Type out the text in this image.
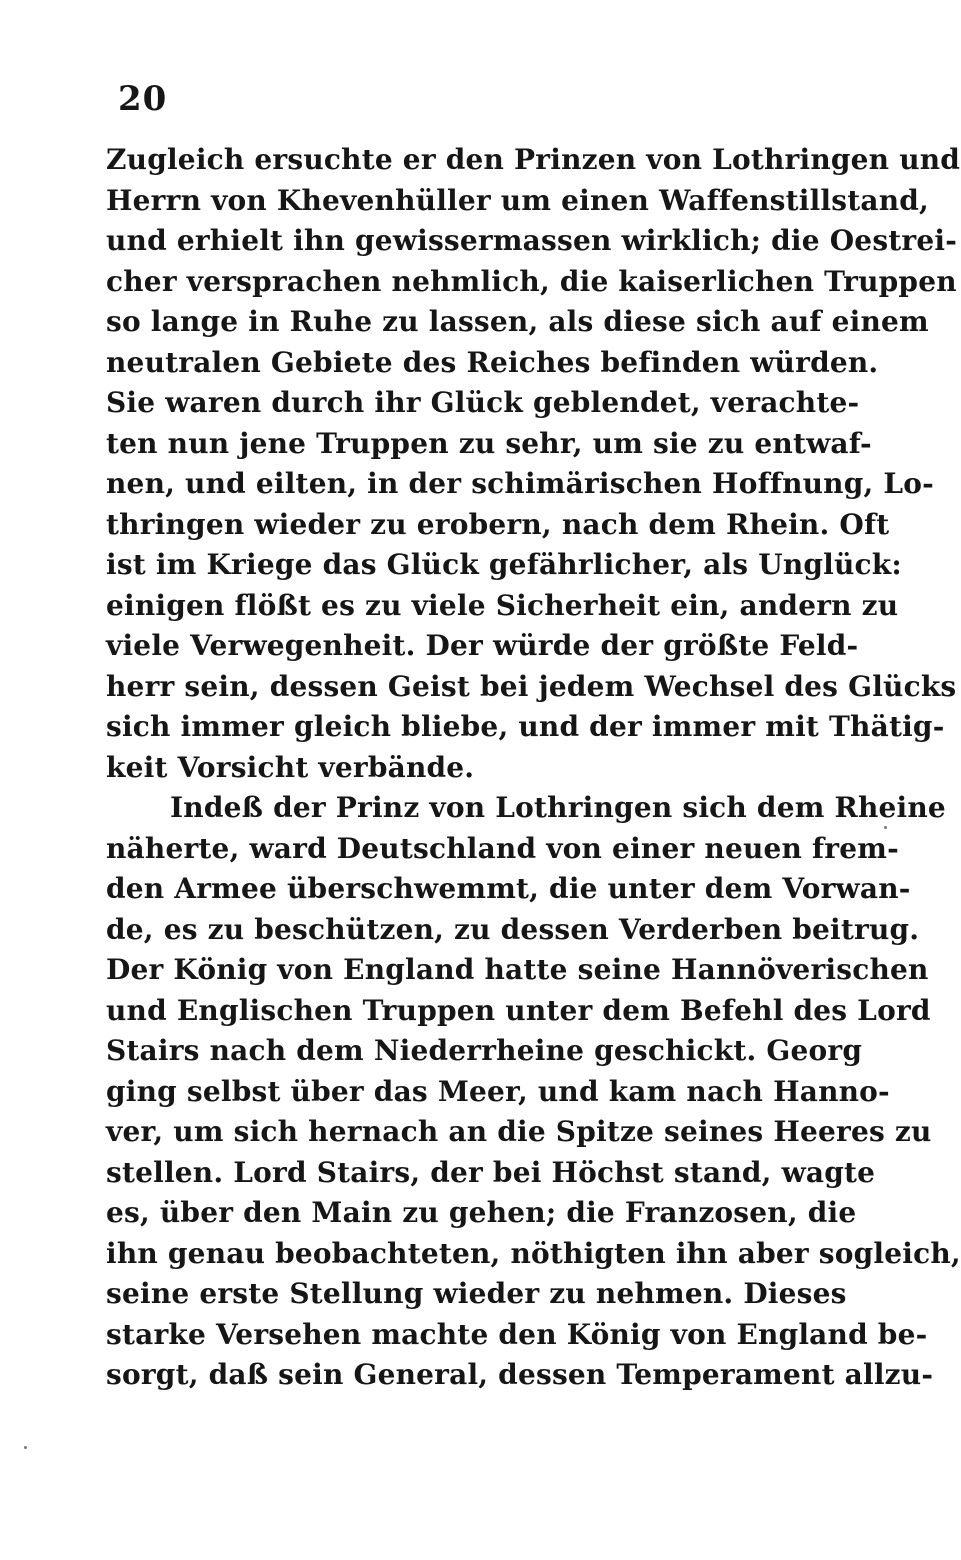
20
Zugleich ersuchte er den Prinzen von Lothringen und
Herrn von Khevenhüller um einen Waffenstillstand,
und erhielt ihn gewissermassen wirklich; die Oestrei-
cher versprachen nehmlich, die kaiserlichen Truppen
so lange in Ruhe zu lassen, als diese sich auf einem
neutralen Gebiete des Reiches befinden würden.
Sie waren durch ihr Glück geblendet, verachte-
ten nun jene Truppen zu sehr, um sie zu entwaf-
nen, und eilten, in der schimärischen Hoffnung, Lo-
thringen wieder zu erobern, nach dem Rhein. Oft
ist im Kriege das Glück gefährlicher, als Unglück:
einigen flößt es zu viele Sicherheit ein, andern zu
viele Verwegenheit. Der würde der größte Feld-
herr sein, dessen Geist bei jedem Wechsel des Glücks
sich immer gleich bliebe, und der immer mit Thätig-
keit Vorsicht verbände.
Indeß der Prinz von Lothringen sich dem Rheine
näherte, ward Deutschland von einer neuen frem-
den Armee überschwemmt, die unter dem Vorwan-
de, es zu beschützen, zu dessen Verderben beitrug.
Der König von England hatte seine Hannöverischen
und Englischen Truppen unter dem Befehl des Lord
Stairs nach dem Niederrheine geschickt. Georg
ging selbst über das Meer, und kam nach Hanno-
ver, um sich hernach an die Spitze seines Heeres zu
stellen. Lord Stairs, der bei Höchst stand, wagte
es, über den Main zu gehen; die Franzosen, die
ihn genau beobachteten, nöthigten ihn aber sogleich,
seine erste Stellung wieder zu nehmen. Dieses
starke Versehen machte den König von England be-
sorgt, daß sein General, dessen Temperament allzu-
